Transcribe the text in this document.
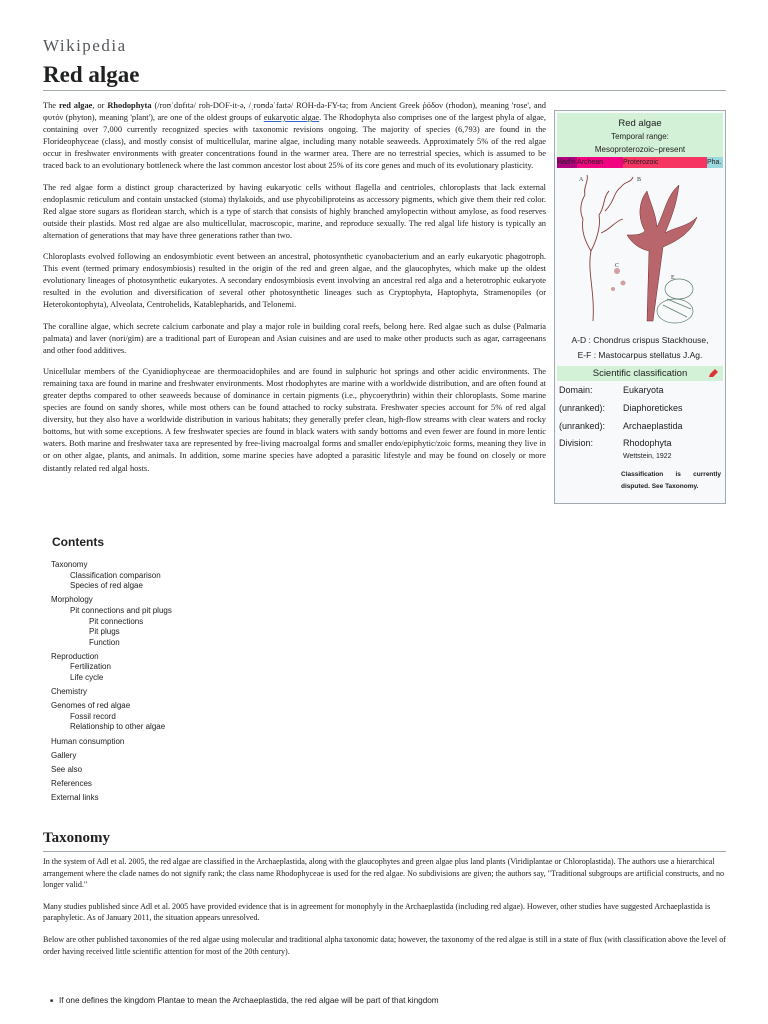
Wikipedia
Red algae

The red algae, or Rhodophyta (/roʊˈdɒfɪtə/ roh-DOF-it-ə, /ˌroʊdəˈfaɪtə/ ROH-də-FY-tə; from Ancient Greek ῥόδον (rhodon), meaning 'rose', and φυτόν (phyton), meaning 'plant'), are one of the oldest groups of eukaryotic algae. The Rhodophyta also comprises one of the largest phyla of algae, containing over 7,000 currently recognized species with taxonomic revisions ongoing. The majority of species (6,793) are found in the Florideophyceae (class), and mostly consist of multicellular, marine algae, including many notable seaweeds. Approximately 5% of the red algae occur in freshwater environments with greater concentrations found in the warmer area. There are no terrestrial species, which is assumed to be traced back to an evolutionary bottleneck where the last common ancestor lost about 25% of its core genes and much of its evolutionary plasticity.

The red algae form a distinct group characterized by having eukaryotic cells without flagella and centrioles, chloroplasts that lack external endoplasmic reticulum and contain unstacked (stoma) thylakoids, and use phycobiliproteins as accessory pigments, which give them their red color. Red algae store sugars as floridean starch, which is a type of starch that consists of highly branched amylopectin without amylose, as food reserves outside their plastids. Most red algae are also multicellular, macroscopic, marine, and reproduce sexually. The red algal life history is typically an alternation of generations that may have three generations rather than two.

Chloroplasts evolved following an endosymbiotic event between an ancestral, photosynthetic cyanobacterium and an early eukaryotic phagotroph. This event (termed primary endosymbiosis) resulted in the origin of the red and green algae, and the glaucophytes, which make up the oldest evolutionary lineages of photosynthetic eukaryotes. A secondary endosymbiosis event involving an ancestral red alga and a heterotrophic eukaryote resulted in the evolution and diversification of several other photosynthetic lineages such as Cryptophyta, Haptophyta, Stramenopiles (or Heterokontophyta), Alveolata, Centrohelids, Katablepharids, and Telonemi.

The coralline algae, which secrete calcium carbonate and play a major role in building coral reefs, belong here. Red algae such as dulse (Palmaria palmata) and laver (nori/gim) are a traditional part of European and Asian cuisines and are used to make other products such as agar, carrageenans and other food additives.

Unicellular members of the Cyanidiophyceae are thermoacidophiles and are found in sulphuric hot springs and other acidic environments. The remaining taxa are found in marine and freshwater environments. Most rhodophytes are marine with a worldwide distribution, and are often found at greater depths compared to other seaweeds because of dominance in certain pigments (i.e., phycoerythrin) within their chloroplasts. Some marine species are found on sandy shores, while most others can be found attached to rocky substrata. Freshwater species account for 5% of red algal diversity, but they also have a worldwide distribution in various habitats; they generally prefer clean, high-flow streams with clear waters and rocky bottoms, but with some exceptions. A few freshwater species are found in black waters with sandy bottoms and even fewer are found in more lentic waters. Both marine and freshwater taxa are represented by free-living macroalgal forms and smaller endo/epiphytic/zoic forms, meaning they live in or on other algae, plants, and animals. In addition, some marine species have adopted a parasitic lifestyle and may be found on closely or more distantly related red algal hosts.

Red algae
Temporal range:
Mesoproterozoic–present
Had'n Archean	Proterozoic	Pha.
A	B
C
E
A-D : Chondrus crispus Stackhouse,
E-F : Mastocarpus stellatus J.Ag.
Scientific classification
Domain:	Eukaryota
(unranked): Diaphoretickes
(unranked): Archaeplastida
Division:	Rhodophyta
Wettstein, 1922
Classification is currently disputed. See Taxonomy.
Contents
Taxonomy
Classification comparison
Species of red algae
Morphology
Pit connections and pit plugs
Pit connections
Pit plugs
Function
Reproduction
Fertilization
Life cycle
Chemistry
Genomes of red algae
Fossil record
Relationship to other algae
Human consumption
Gallery
See also
References
External links
Taxonomy

In the system of Adl et al. 2005, the red algae are classified in the Archaeplastida, along with the glaucophytes and green algae plus land plants (Viridiplantae or Chloroplastida). The authors use a hierarchical arrangement where the clade names do not signify rank; the class name Rhodophyceae is used for the red algae. No subdivisions are given; the authors say, "Traditional subgroups are artificial constructs, and no longer valid."

Many studies published since Adl et al. 2005 have provided evidence that is in agreement for monophyly in the Archaeplastida (including red algae). However, other studies have suggested Archaeplastida is paraphyletic. As of January 2011, the situation appears unresolved.

Below are other published taxonomies of the red algae using molecular and traditional alpha taxonomic data; however, the taxonomy of the red algae is still in a state of flux (with classification above the level of order having received little scientific attention for most of the 20th century).

■ If one defines the kingdom Plantae to mean the Archaeplastida, the red algae will be part of that kingdom
